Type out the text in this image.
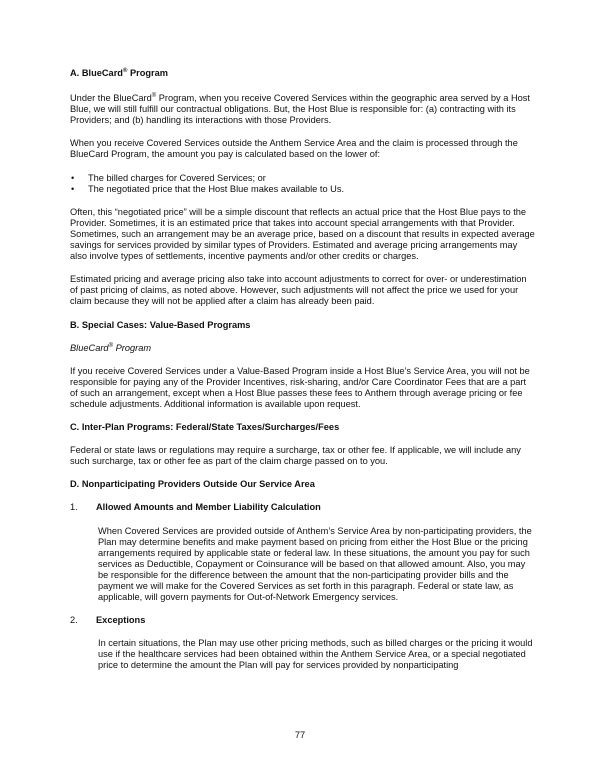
A. BlueCard® Program

Under the BlueCard® Program, when you receive Covered Services within the geographic area served by a Host Blue, we will still fulfill our contractual obligations. But, the Host Blue is responsible for: (a) contracting with its Providers; and (b) handling its interactions with those Providers.

When you receive Covered Services outside the Anthem Service Area and the claim is processed through the BlueCard Program, the amount you pay is calculated based on the lower of:

• The billed charges for Covered Services; or
• The negotiated price that the Host Blue makes available to Us.

Often, this “negotiated price” will be a simple discount that reflects an actual price that the Host Blue pays to the Provider. Sometimes, it is an estimated price that takes into account special arrangements with that Provider. Sometimes, such an arrangement may be an average price, based on a discount that results in expected average savings for services provided by similar types of Providers. Estimated and average pricing arrangements may also involve types of settlements, incentive payments and/or other credits or charges.

Estimated pricing and average pricing also take into account adjustments to correct for over- or underestimation of past pricing of claims, as noted above. However, such adjustments will not affect the price we used for your claim because they will not be applied after a claim has already been paid.

B. Special Cases: Value-Based Programs

BlueCard® Program

If you receive Covered Services under a Value-Based Program inside a Host Blue’s Service Area, you will not be responsible for paying any of the Provider Incentives, risk-sharing, and/or Care Coordinator Fees that are a part of such an arrangement, except when a Host Blue passes these fees to Anthem through average pricing or fee schedule adjustments. Additional information is available upon request.

C. Inter-Plan Programs: Federal/State Taxes/Surcharges/Fees

Federal or state laws or regulations may require a surcharge, tax or other fee. If applicable, we will include any such surcharge, tax or other fee as part of the claim charge passed on to you.

D. Nonparticipating Providers Outside Our Service Area
1.	Allowed Amounts and Member Liability Calculation

When Covered Services are provided outside of Anthem’s Service Area by non-participating providers, the Plan may determine benefits and make payment based on pricing from either the Host Blue or the pricing arrangements required by applicable state or federal law. In these situations, the amount you pay for such services as Deductible, Copayment or Coinsurance will be based on that allowed amount. Also, you may be responsible for the difference between the amount that the non-participating provider bills and the payment we will make for the Covered Services as set forth in this paragraph. Federal or state law, as applicable, will govern payments for Out-of-Network Emergency services.

2.	Exceptions

In certain situations, the Plan may use other pricing methods, such as billed charges or the pricing it would use if the healthcare services had been obtained within the Anthem Service Area, or a special negotiated price to determine the amount the Plan will pay for services provided by nonparticipating

77
